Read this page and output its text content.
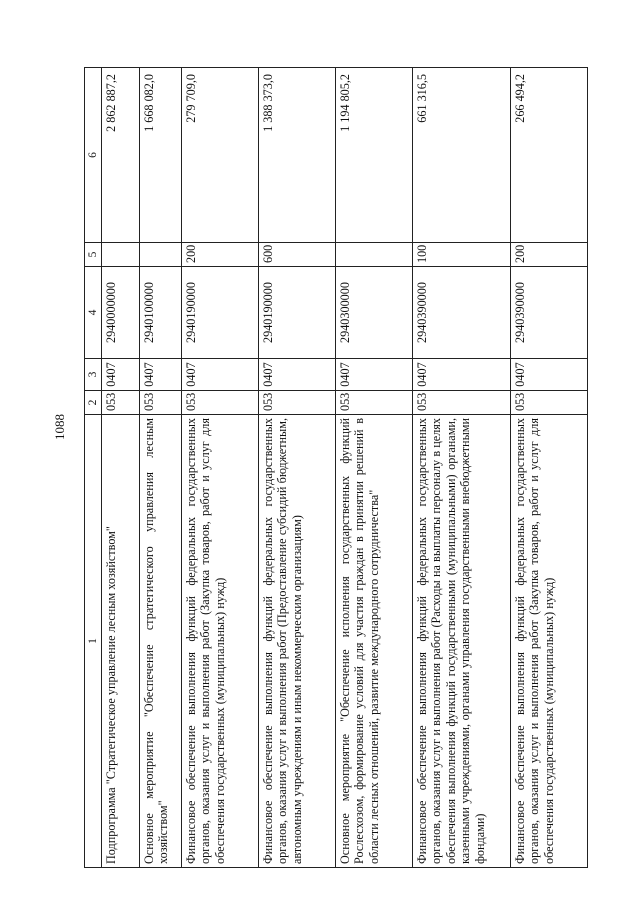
1088
1	2	3	4	5	6
Подпрограмма "Стратегическое управление лесным хозяйством"	053	0407	2940000000		2 862 887,2
Основное мероприятие "Обеспечение стратегического управления лесным хозяйством"	053	0407	2940100000		1 668 082,0
Финансовое обеспечение выполнения функций федеральных государственных органов, оказания услуг и выполнения работ (Закупка товаров, работ и услуг для обеспечения государственных (муниципальных) нужд)	053	0407	2940190000	200	279 709,0
Финансовое обеспечение выполнения функций федеральных государственных органов, оказания услуг и выполнения работ (Предоставление субсидий бюджетным, автономным учреждениям и иным некоммерческим организациям)	053	0407	2940190000	600	1 388 373,0
Основное мероприятие "Обеспечение исполнения государственных функций Рослесхозом, формирование условий для участия граждан в принятии решений в области лесных отношений, развитие международного сотрудничества"	053	0407	2940300000		1 194 805,2
Финансовое обеспечение выполнения функций федеральных государственных органов, оказания услуг и выполнения работ (Расходы на выплаты персоналу в целях обеспечения выполнения функций государственными (муниципальными) органами, казенными учреждениями, органами управления государственными внебюджетными фондами)	053	0407	2940390000	100	661 316,5
Финансовое обеспечение выполнения функций федеральных государственных органов, оказания услуг и выполнения работ (Закупка товаров, работ и услуг для обеспечения государственных (муниципальных) нужд)	053	0407	2940390000	200	266 494,2
